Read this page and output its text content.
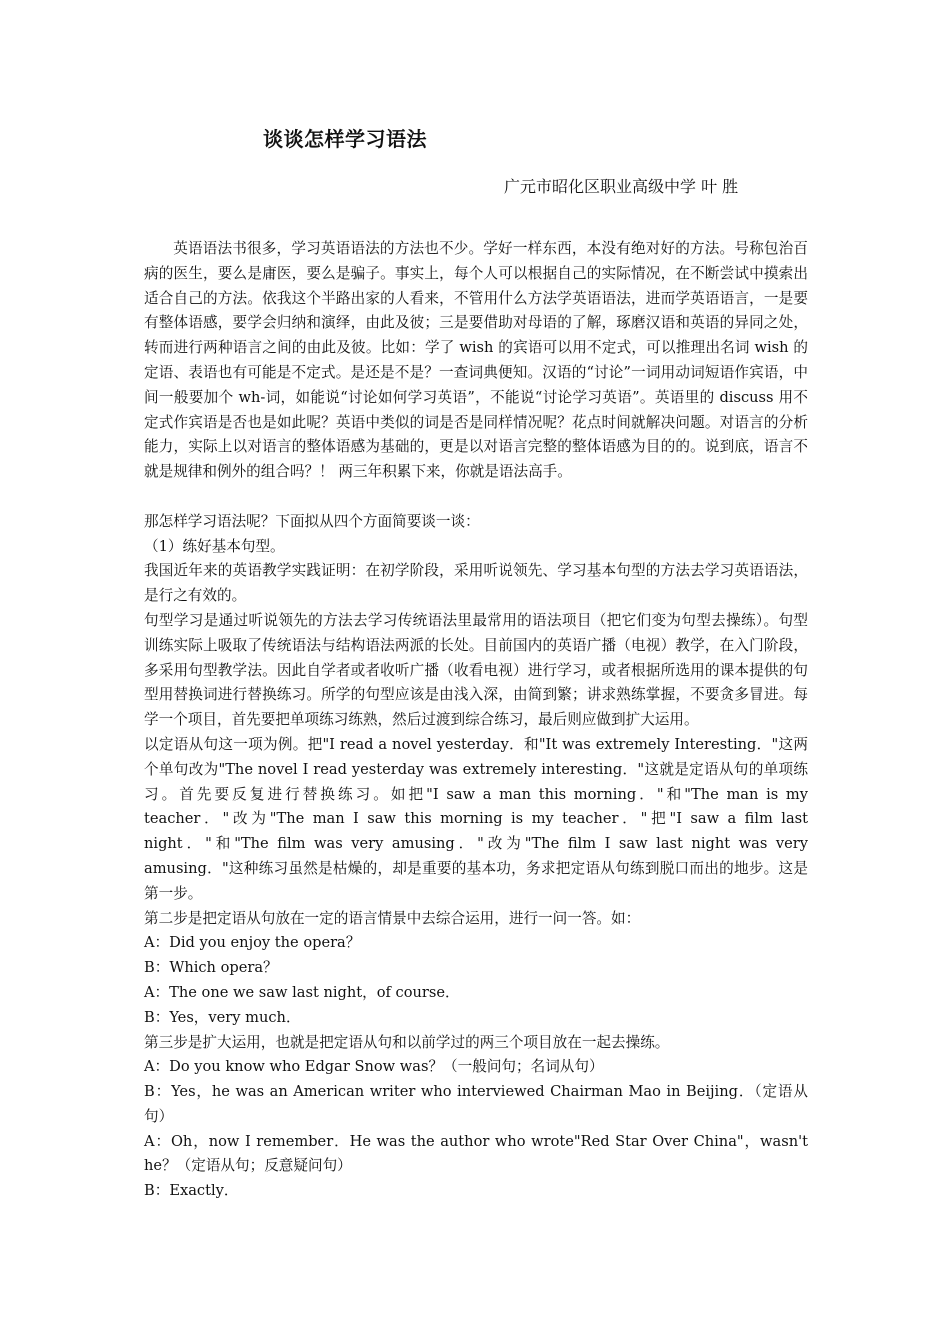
谈谈怎样学习语法
广元市昭化区职业高级中学 叶 胜

英语语法书很多，学习英语语法的方法也不少。学好一样东西，本没有绝对好的方法。号称包治百病的医生，要么是庸医，要么是骗子。事实上，每个人可以根据自己的实际情况，在不断尝试中摸索出适合自己的方法。依我这个半路出家的人看来，不管用什么方法学英语语法，进而学英语语言，一是要有整体语感，要学会归纳和演绎，由此及彼；三是要借助对母语的了解，琢磨汉语和英语的异同之处，转而进行两种语言之间的由此及彼。比如：学了 wish 的宾语可以用不定式，可以推理出名词 wish 的定语、表语也有可能是不定式。是还是不是？一查词典便知。汉语的“讨论”一词用动词短语作宾语，中间一般要加个 wh-词，如能说“讨论如何学习英语”，不能说“讨论学习英语”。英语里的 discuss 用不定式作宾语是否也是如此呢？英语中类似的词是否是同样情况呢？花点时间就解决问题。对语言的分析能力，实际上以对语言的整体语感为基础的，更是以对语言完整的整体语感为目的的。说到底，语言不就是规律和例外的组合吗？！ 两三年积累下来，你就是语法高手。

那怎样学习语法呢？下面拟从四个方面简要谈一谈：

（1）练好基本句型。

我国近年来的英语教学实践证明：在初学阶段，采用听说领先、学习基本句型的方法去学习英语语法，是行之有效的。

句型学习是通过听说领先的方法去学习传统语法里最常用的语法项目（把它们变为句型去操练）。句型训练实际上吸取了传统语法与结构语法两派的长处。目前国内的英语广播（电视）教学，在入门阶段，多采用句型教学法。因此自学者或者收听广播（收看电视）进行学习，或者根据所选用的课本提供的句型用替换词进行替换练习。所学的句型应该是由浅入深，由简到繁；讲求熟练掌握，不要贪多冒进。每学一个项目，首先要把单项练习练熟，然后过渡到综合练习，最后则应做到扩大运用。

以定语从句这一项为例。把"I read a novel yesterday．和"It was extremely Interesting．"这两个单句改为"The novel I read yesterday was extremely interesting．"这就是定语从句的单项练习。首先要反复进行替换练习。如把"I saw a man this morning．"和"The man is my teacher．"改为"The man I saw this morning is my teacher．"把"I saw a film last night．"和"The film was very amusing．"改为"The film I saw last night was very amusing．"这种练习虽然是枯燥的，却是重要的基本功，务求把定语从句练到脱口而出的地步。这是第一步。

第二步是把定语从句放在一定的语言情景中去综合运用，进行一问一答。如：

A：Did you enjoy the opera？

B：Which opera？

A：The one we saw last night，of course．

B：Yes，very much．

第三步是扩大运用，也就是把定语从句和以前学过的两三个项目放在一起去操练。

A：Do you know who Edgar Snow was？（一般问句；名词从句）

B：Yes，he was an American writer who interviewed Chairman Mao in Beijing．（定语从句）

A：Oh，now I remember．He was the author who wrote"Red Star Over China"，wasn't he？（定语从句；反意疑问句）

B：Exactly．
